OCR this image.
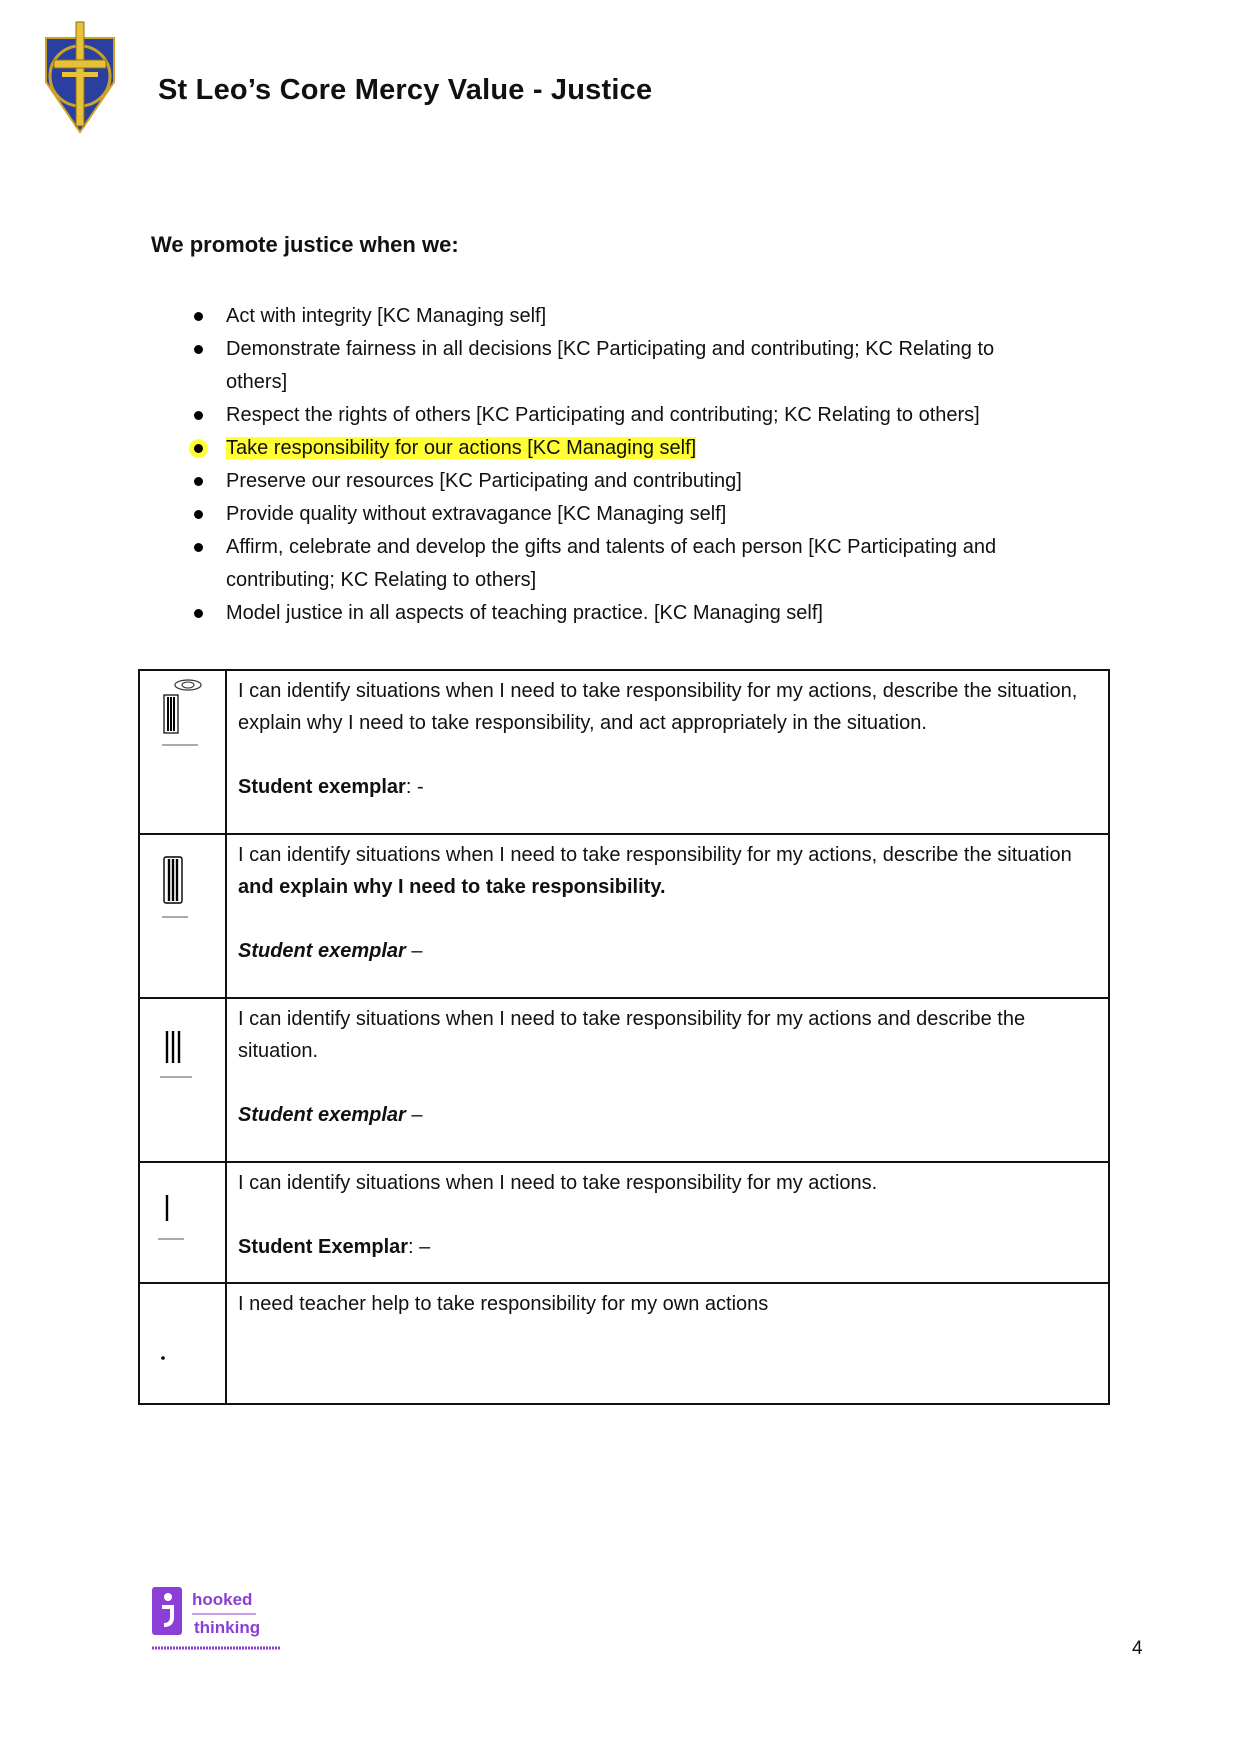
St Leo’s Core Mercy Value - Justice
We promote justice when we:
Act with integrity [KC Managing self]
Demonstrate fairness in all decisions [KC Participating and contributing; KC Relating to others]
Respect the rights of others [KC Participating and contributing; KC Relating to others]
Take responsibility for our actions [KC Managing self]
Preserve our resources [KC Participating and contributing]
Provide quality without extravagance [KC Managing self]
Affirm, celebrate and develop the gifts and talents of each person [KC Participating and contributing; KC Relating to others]
Model justice in all aspects of teaching practice. [KC Managing self]
	I can identify situations when I need to take responsibility for my actions, describe the situation, explain why I need to take responsibility, and act appropriately in the situation.
Student exemplar: -

	I can identify situations when I need to take responsibility for my actions, describe the situation and explain why I need to take responsibility.
Student exemplar –

	I can identify situations when I need to take responsibility for my actions and describe the situation.
Student exemplar –

	I can identify situations when I need to take responsibility for my actions.
Student Exemplar: –

	I need teacher help to take responsibility for my own actions
hooked
thinking
4
